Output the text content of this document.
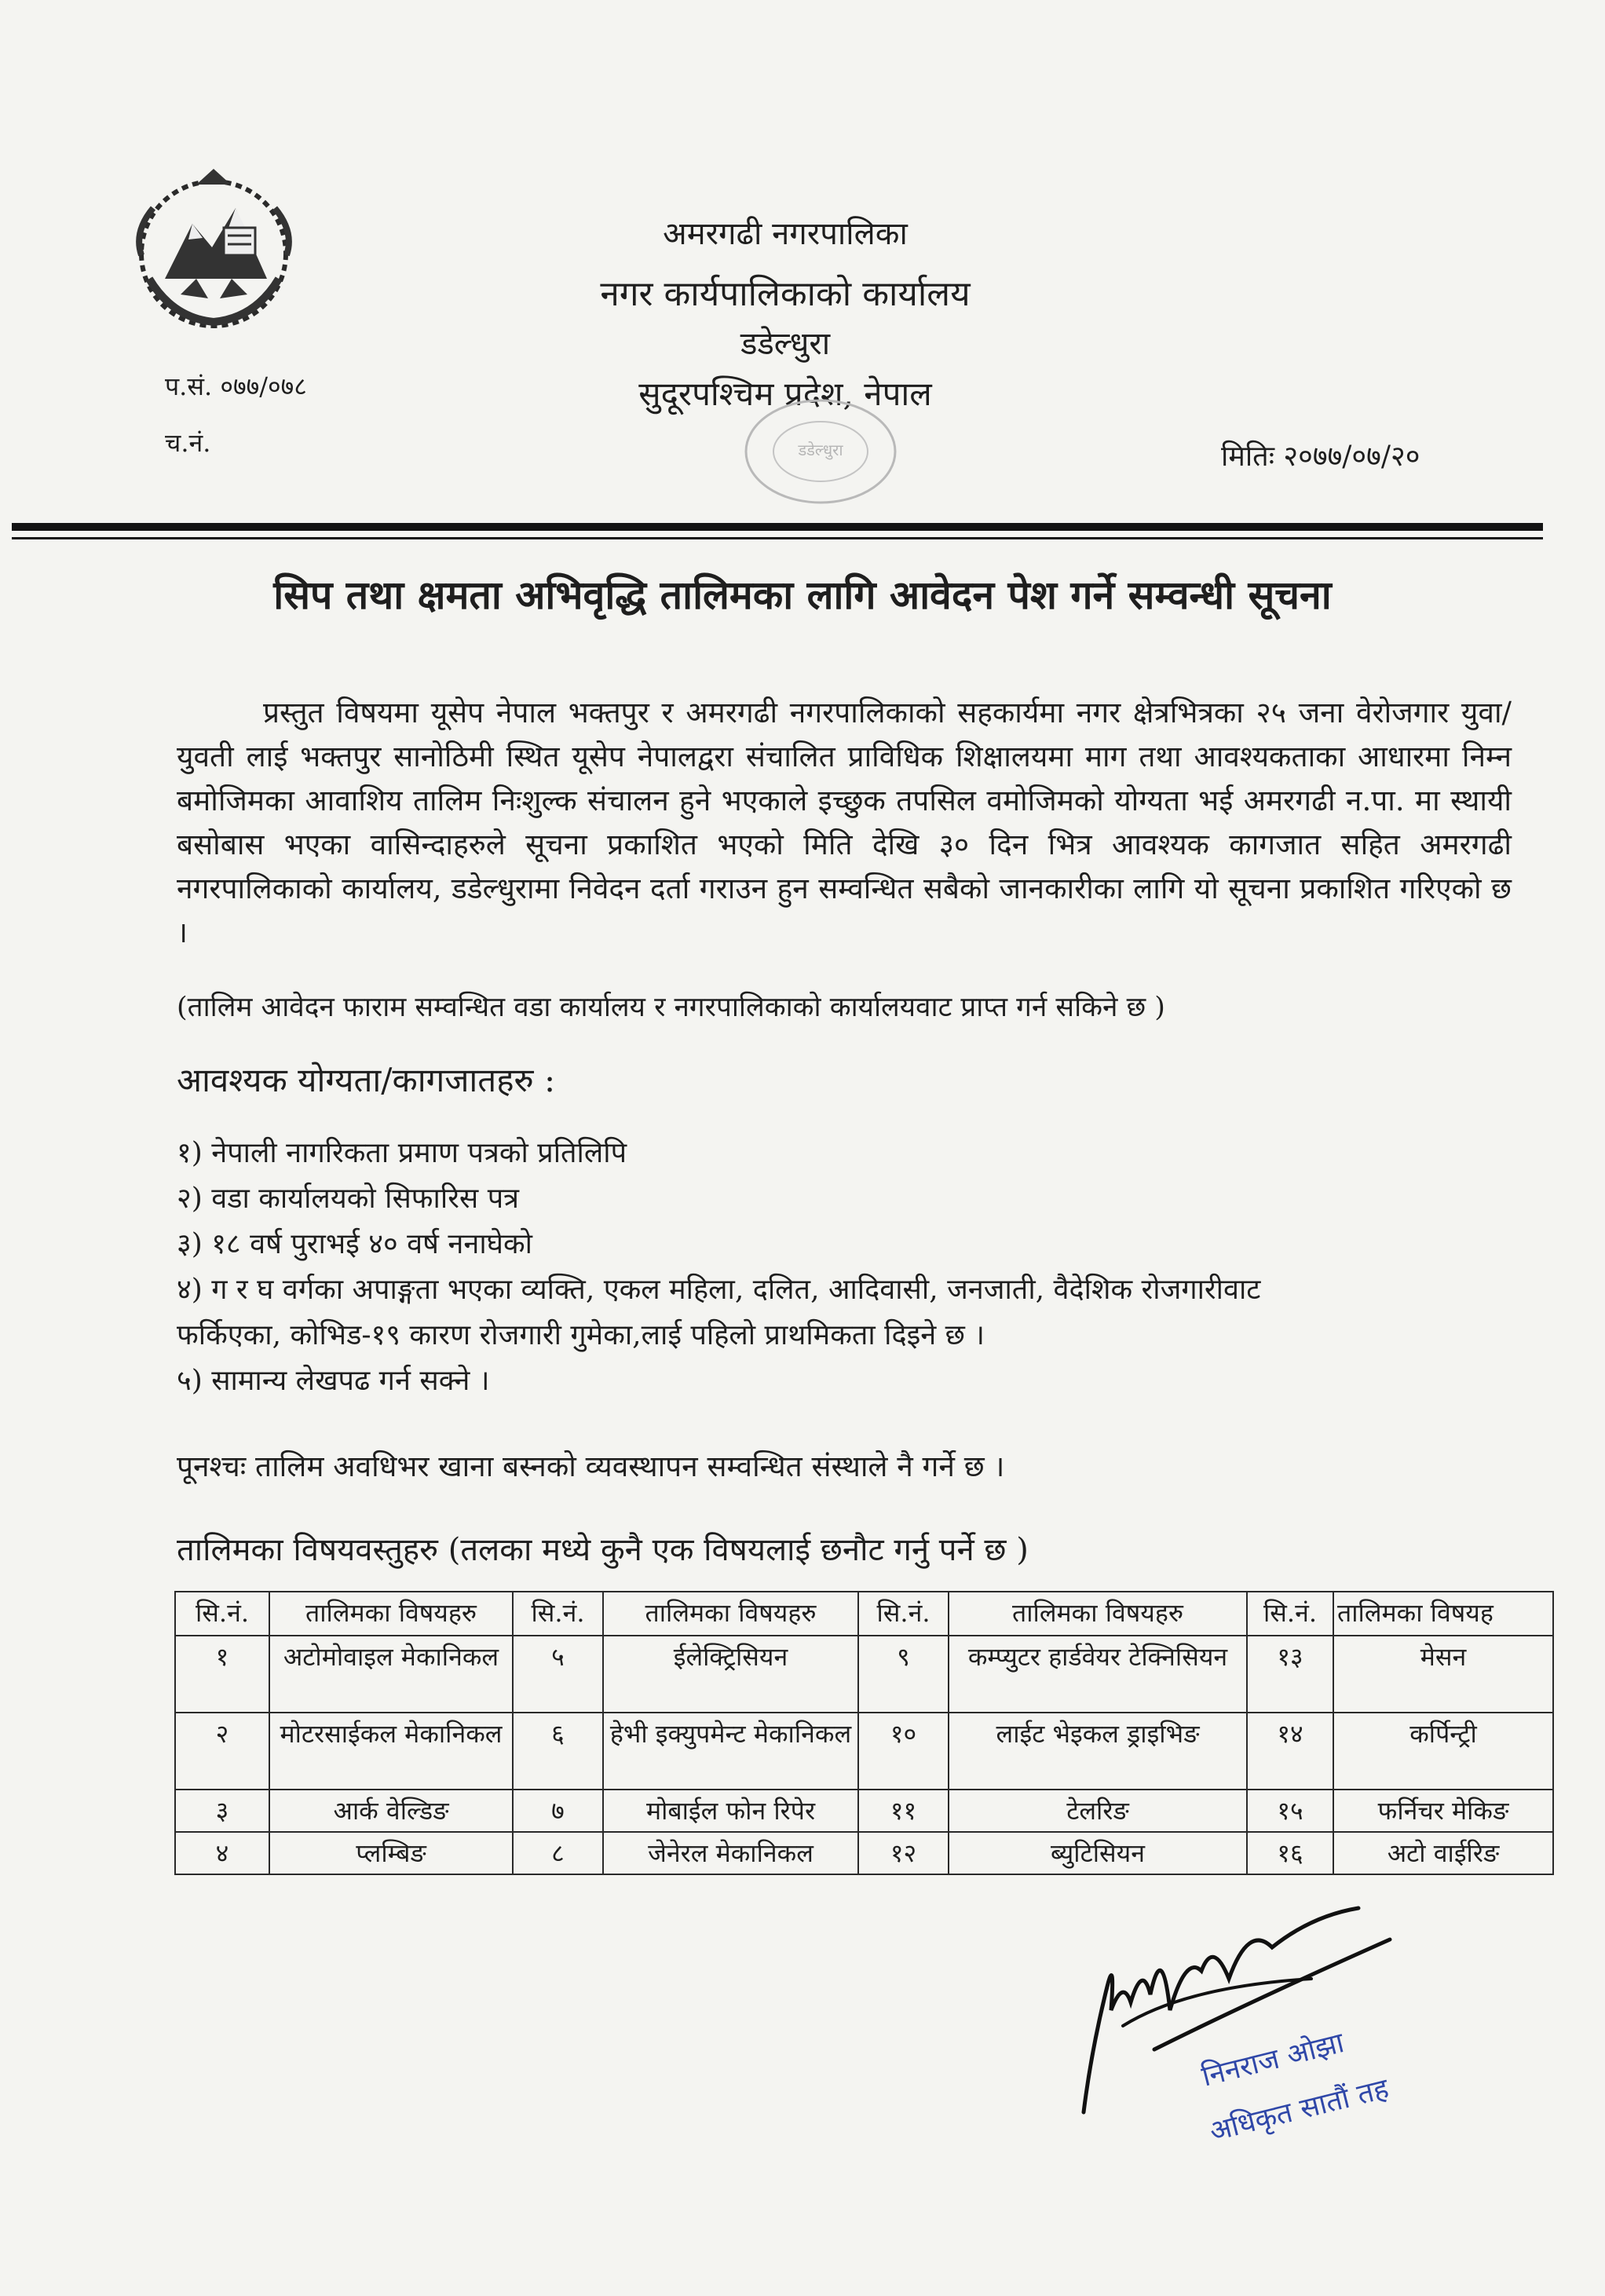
अमरगढी नगरपालिका
नगर कार्यपालिकाको कार्यालय
डडेल्धुरा
सुदूरपश्चिम प्रदेश, नेपाल
प.सं. ०७७/०७८
च.नं.	मितिः २०७७/०७/२०
डडेल्धुरा
सिप तथा क्षमता अभिवृद्धि तालिमका लागि आवेदन पेश गर्ने सम्वन्धी सूचना
प्रस्तुत विषयमा यूसेप नेपाल भक्तपुर र अमरगढी नगरपालिकाको सहकार्यमा नगर क्षेत्रभित्रका २५ जना वेरोजगार युवा/युवती लाई भक्तपुर सानोठिमी स्थित यूसेप नेपालद्वरा संचालित प्राविधिक शिक्षालयमा माग तथा आवश्यकताका आधारमा निम्न बमोजिमका आवाशिय तालिम निःशुल्क संचालन हुने भएकाले इच्छुक तपसिल वमोजिमको योग्यता भई अमरगढी न.पा. मा स्थायी बसोबास भएका वासिन्दाहरुले सूचना प्रकाशित भएको मिति देखि ३० दिन भित्र आवश्यक कागजात सहित अमरगढी नगरपालिकाको कार्यालय, डडेल्धुरामा निवेदन दर्ता गराउन हुन सम्वन्धित सबैको जानकारीका लागि यो सूचना प्रकाशित गरिएको छ ।
(तालिम आवेदन फाराम सम्वन्धित वडा कार्यालय र नगरपालिकाको कार्यालयवाट प्राप्त गर्न सकिने छ )
आवश्यक योग्यता/कागजातहरु :
१) नेपाली नागरिकता प्रमाण पत्रको प्रतिलिपि
२) वडा कार्यालयको सिफारिस पत्र
३) १८ वर्ष पुराभई ४० वर्ष ननाघेको
४) ग र घ वर्गका अपाङ्गता भएका व्यक्ति, एकल महिला, दलित, आदिवासी, जनजाती, वैदेशिक रोजगारीवाट
फर्किएका, कोभिड-१९ कारण रोजगारी गुमेका,लाई पहिलो प्राथमिकता दिइने छ ।
५) सामान्य लेखपढ गर्न सक्ने ।
पूनश्चः तालिम अवधिभर खाना बस्नको व्यवस्थापन सम्वन्धित संस्थाले नै गर्ने छ ।
तालिमका विषयवस्तुहरु (तलका मध्ये कुनै एक विषयलाई छनौट गर्नु पर्ने छ )
सि.नं.	तालिमका विषयहरु	सि.नं.	तालिमका विषयहरु	सि.नं.	तालिमका विषयहरु	सि.नं.	तालिमका विषयह
१	अटोमोवाइल मेकानिकल	५	ईलेक्ट्रिसियन	९	कम्प्युटर हार्डवेयर टेक्निसियन	१३	मेसन
२	मोटरसाईकल मेकानिकल	६	हेभी इक्युपमेन्ट मेकानिकल	१०	लाईट भेइकल ड्राइभिङ	१४	कर्पिन्ट्री
३	आर्क वेल्डिङ	७	मोबाईल फोन रिपेर	११	टेलरिङ	१५	फर्निचर मेकिङ
४	प्लम्बिङ	८	जेनेरल मेकानिकल	१२	ब्युटिसियन	१६	अटो वाईरिङ
निनराज ओझा
अधिकृत सातौं तह
